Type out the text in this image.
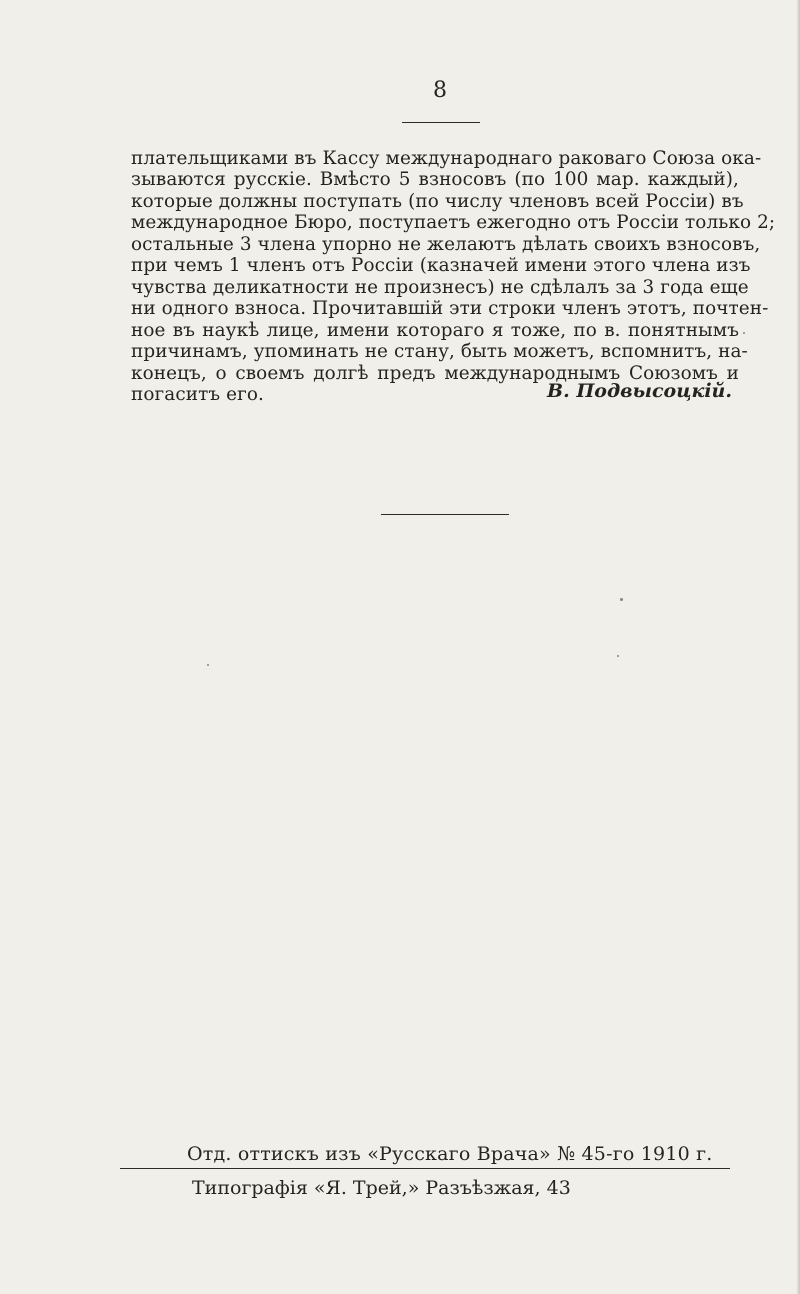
8
плательщиками въ Кассу международнаго раковаго Союза ока-
зываются русскіе. Вмѣсто 5 взносовъ (по 100 мар. каждый),
которые должны поступать (по числу членовъ всей Россіи) въ
международное Бюро, поступаетъ ежегодно отъ Россіи только 2;
остальные 3 члена упорно не желаютъ дѣлать своихъ взносовъ,
при чемъ 1 членъ отъ Россіи (казначей имени этого члена изъ
чувства деликатности не произнесъ) не сдѣлалъ за 3 года еще
ни одного взноса. Прочитавшій эти строки членъ этотъ, почтен-
ное въ наукѣ лице, имени котораго я тоже, по в. понятнымъ
причинамъ, упоминать не стану, быть можетъ, вспомнитъ, на-
конецъ, о своемъ долгѣ предъ международнымъ Союзомъ и
погаситъ его.	В. Подвысоцкій.
Отд. оттискъ изъ «Русскаго Врача» № 45-го 1910 г.
Типографія «Я. Трей,» Разъѣзжая, 43
